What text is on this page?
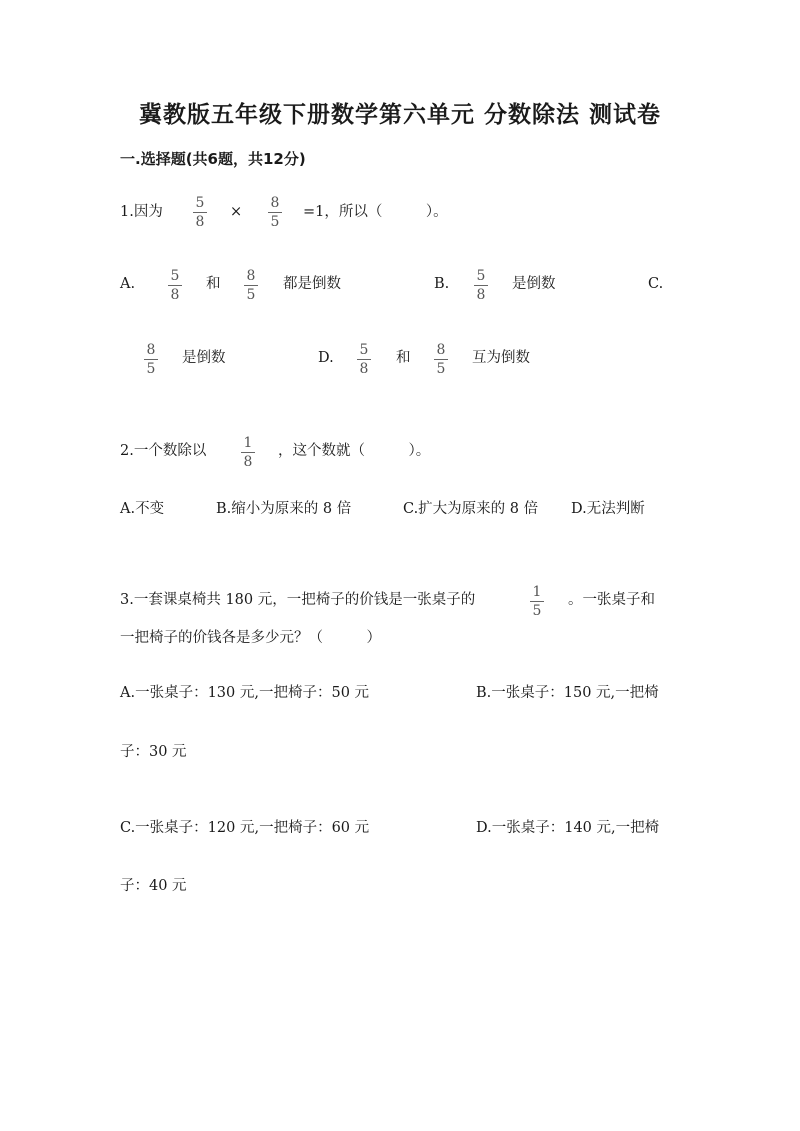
冀教版五年级下册数学第六单元 分数除法 测试卷
一.选择题(共6题，共12分)
1.因为
5
8
×
8
5
=1，所以（　　　）。
A.	5
8
和 8
5
都是倒数	B. 5
8
是倒数	C.
8
5
是倒数	D. 5
8
和 8
5
互为倒数
2.一个数除以	1
8
，这个数就（　　　）。
A.不变	B.缩小为原来的 8 倍	C.扩大为原来的 8 倍 D.无法判断
3.一套课桌椅共 180 元，一把椅子的价钱是一张桌子的	1
5
。一张桌子和
一把椅子的价钱各是多少元？（　　　）
A.一张桌子：130 元,一把椅子：50 元	B.一张桌子：150 元,一把椅
子：30 元
C.一张桌子：120 元,一把椅子：60 元	D.一张桌子：140 元,一把椅
子：40 元
